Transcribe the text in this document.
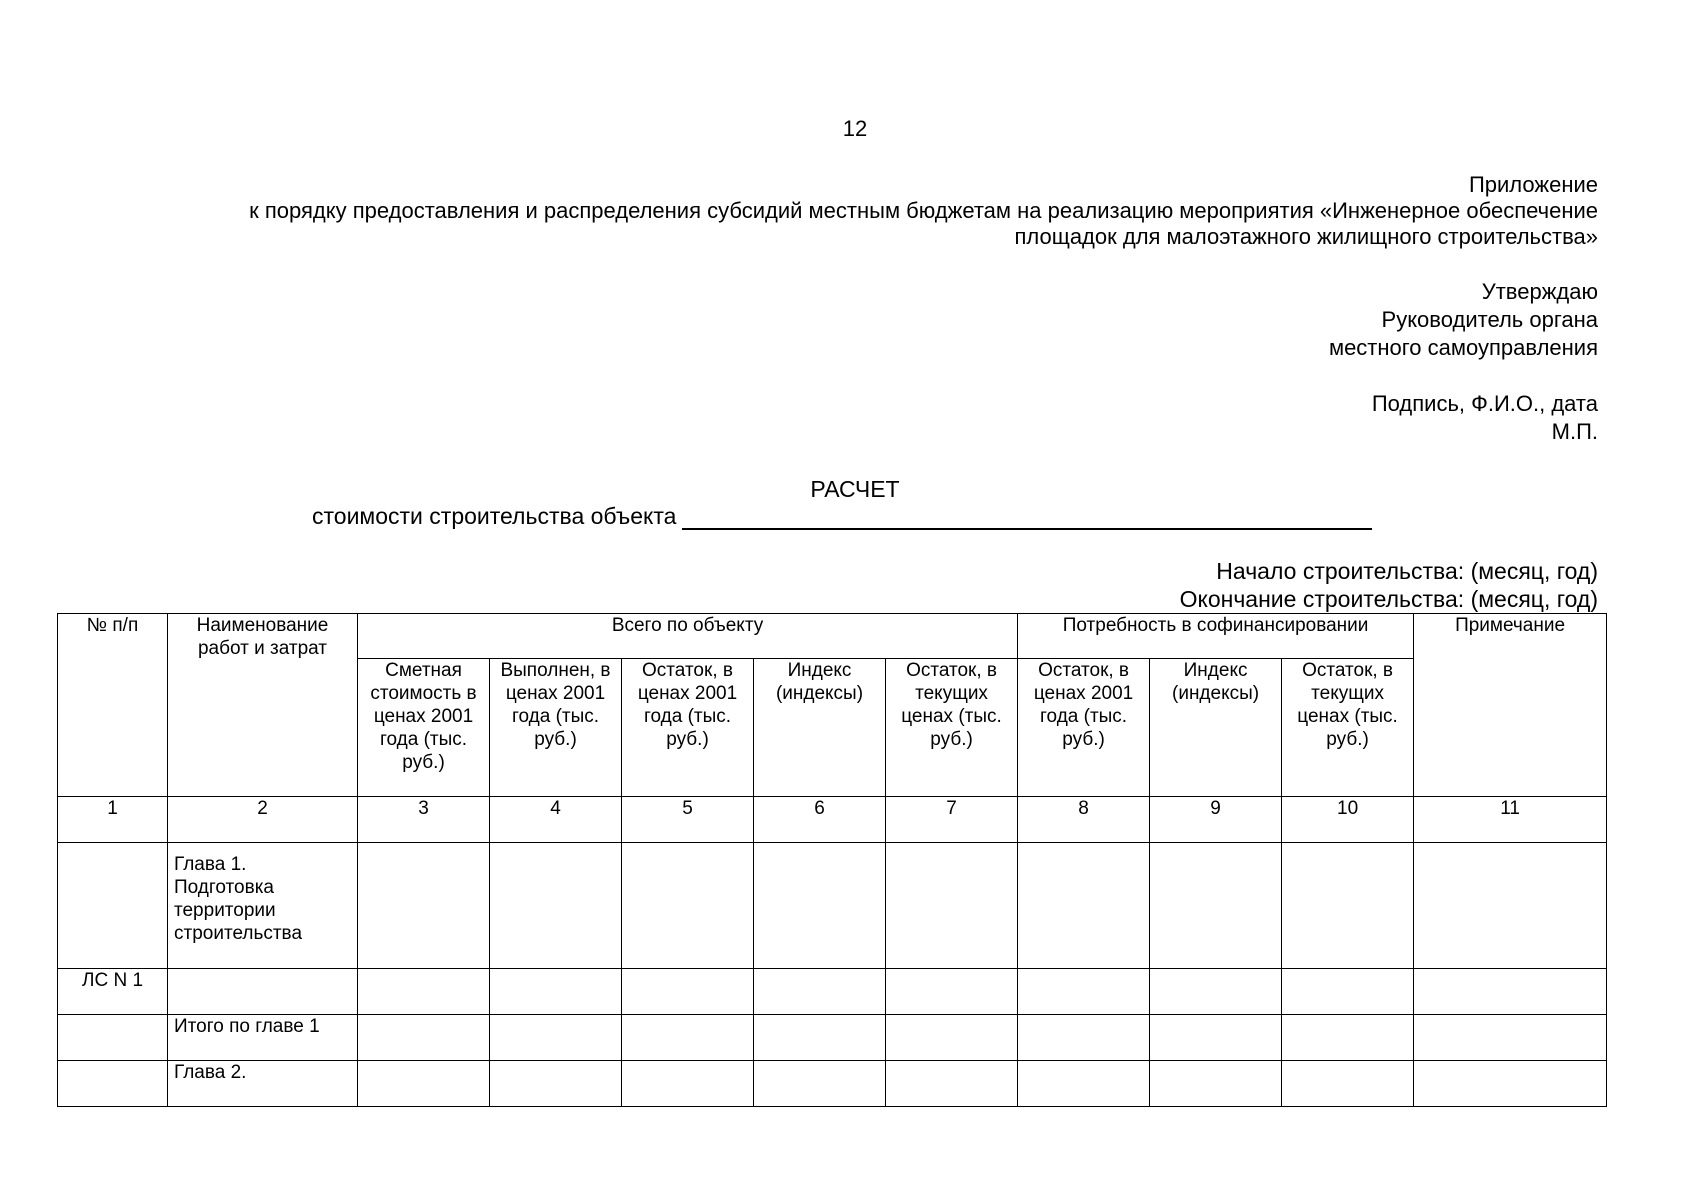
12
Приложение
к порядку предоставления и распределения субсидий местным бюджетам на реализацию мероприятия «Инженерное обеспечение
площадок для малоэтажного жилищного строительства»
Утверждаю
Руководитель органа
местного самоуправления
Подпись, Ф.И.О., дата
М.П.
РАСЧЕТ
стоимости строительства объекта
Начало строительства: (месяц, год)
Окончание строительства: (месяц, год)
№ п/п	Наименование работ и затрат	Всего по объекту					Потребность в софинансировании			Примечание
		Сметная стоимость в ценах 2001 года (тыс. руб.)	Выполнен, в ценах 2001 года (тыс. руб.)	Остаток, в ценах 2001 года (тыс. руб.)	Индекс (индексы)	Остаток, в текущих ценах (тыс. руб.)	Остаток, в ценах 2001 года (тыс. руб.)	Индекс (индексы)	Остаток, в текущих ценах (тыс. руб.)	
1	2	3	4	5	6	7	8	9	10	11
	Глава 1. Подготовка территории строительства									
ЛС N 1										
	Итого по главе 1									
	Глава 2.									
